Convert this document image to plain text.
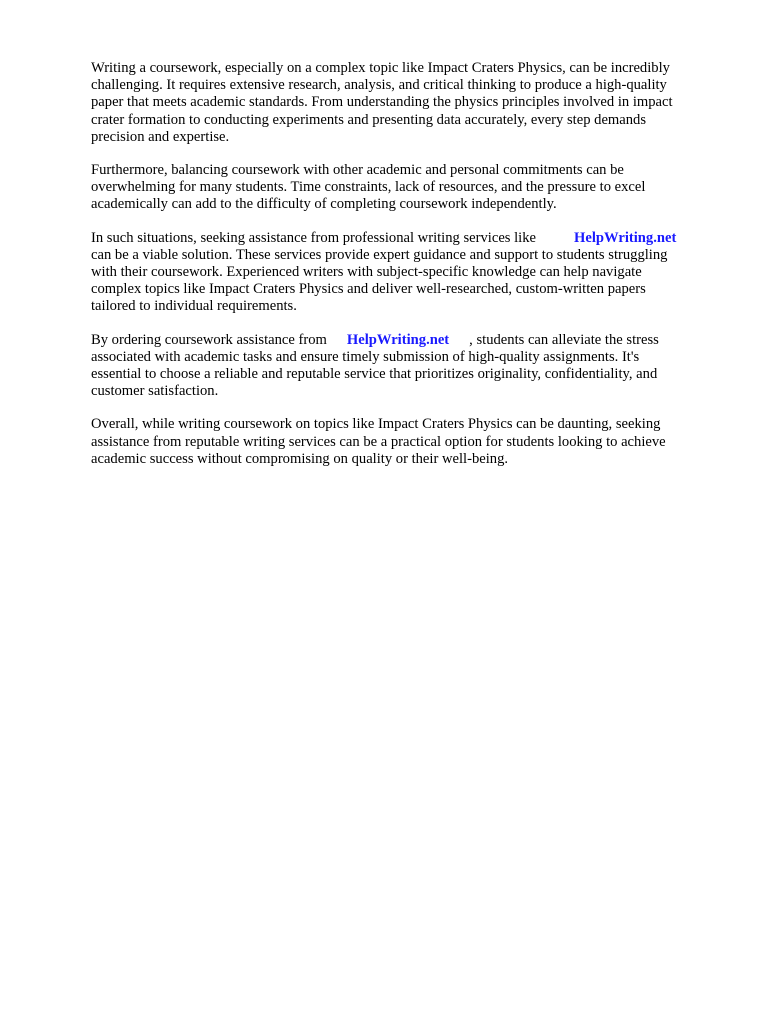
Writing a coursework, especially on a complex topic like Impact Craters Physics, can be incredibly
challenging. It requires extensive research, analysis, and critical thinking to produce a high-quality
paper that meets academic standards. From understanding the physics principles involved in impact
crater formation to conducting experiments and presenting data accurately, every step demands
precision and expertise.

Furthermore, balancing coursework with other academic and personal commitments can be
overwhelming for many students. Time constraints, lack of resources, and the pressure to excel
academically can add to the difficulty of completing coursework independently.

In such situations, seeking assistance from professional writing services like	HelpWriting.net
can be a viable solution. These services provide expert guidance and support to students struggling
with their coursework. Experienced writers with subject-specific knowledge can help navigate
complex topics like Impact Craters Physics and deliver well-researched, custom-written papers
tailored to individual requirements.

By ordering coursework assistance from HelpWriting.net , students can alleviate the stress
associated with academic tasks and ensure timely submission of high-quality assignments. It's
essential to choose a reliable and reputable service that prioritizes originality, confidentiality, and
customer satisfaction.

Overall, while writing coursework on topics like Impact Craters Physics can be daunting, seeking
assistance from reputable writing services can be a practical option for students looking to achieve
academic success without compromising on quality or their well-being.
